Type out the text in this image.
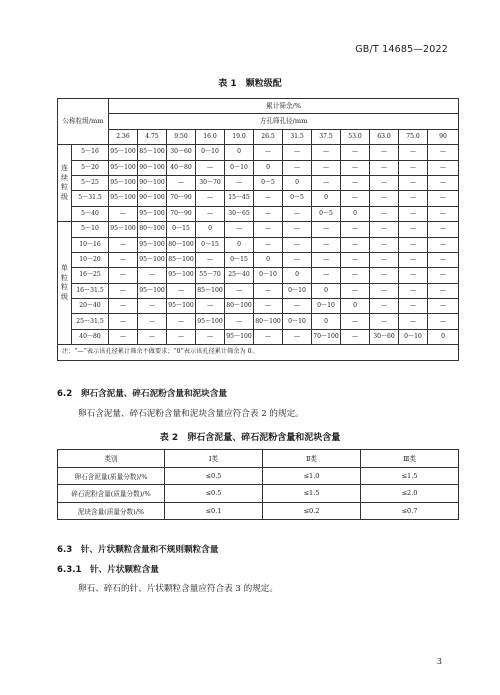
GB/T 14685—2022
表 1　颗粒级配
公称粒级/mm		累计筛余/%											
		方孔筛孔径/mm											
		2.36	4.75	9.50	16.0	19.0	26.5	31.5	37.5	53.0	63.0	75.0	90
连
续
粒
级	5～16	95～100	85～100	30～60	0～10	0	—	—	—	—	—	—	—
	5～20	95～100	90～100	40～80	—	0～10	0	—	—	—	—	—	—
	5～25	95～100	90～100	—	30～70	—	0～5	0	—	—	—	—	—
	5～31.5	95～100	90～100	70～90	—	15～45	—	0～5	0	—	—	—	—
	5～40	—	95～100	70～90	—	30～65	—	—	0～5	0	—	—	—
单
粒
粒
级	5～10	95～100	80～100	0～15	0	—	—	—	—	—	—	—	—
	10～16	—	95～100	80～100	0～15	0	—	—	—	—	—	—	—
	10～20	—	95～100	85～100	—	0～15	0	—	—	—	—	—	—
	16～25	—	—	95～100	55～70	25～40	0～10	0	—	—	—	—	—
	16～31.5	—	95～100	—	85～100	—	—	0～10	0	—	—	—	—
	20～40	—	—	95～100	—	80～100	—	—	0～10	0	—	—	—
	25～31.5	—	—	—	95～100	—	80～100	0～10	0	—	—	—	—
	40～80	—	—	—	—	95～100	—	—	70～100	—	30～60	0～10	0
注：“—”表示该孔径累计筛余不做要求；“0”表示该孔径累计筛余为 0。													
6.2　卵石含泥量、碎石泥粉含量和泥块含量
卵石含泥量、碎石泥粉含量和泥块含量应符合表 2 的规定。
表 2　卵石含泥量、碎石泥粉含量和泥块含量
类别	Ⅰ类	Ⅱ类	Ⅲ类
卵石含泥量(质量分数)/%	≤0.5	≤1.0	≤1.5
碎石泥粉含量(质量分数)/%	≤0.5	≤1.5	≤2.0
泥块含量(质量分数)/%	≤0.1	≤0.2	≤0.7
6.3　针、片状颗粒含量和不规则颗粒含量
6.3.1　针、片状颗粒含量
卵石、碎石的针、片状颗粒含量应符合表 3 的规定。
3
